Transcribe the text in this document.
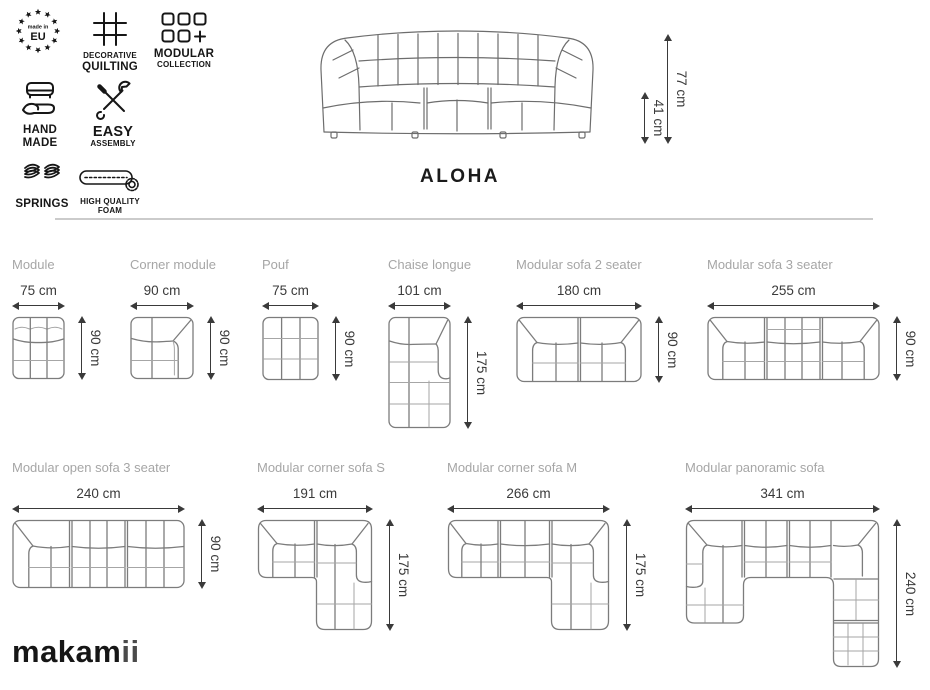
made in
EU
DECORATIVE
QUILTING
MODULAR
COLLECTION
HAND
MADE
EASY
ASSEMBLY
SPRINGS HIGH QUALITY
FOAM
41 cm
77 cm
ALOHA
Module
75 cm
90 cm
Corner module
90 cm
90 cm
Pouf
75 cm
90 cm
Chaise longue
101 cm
175 cm
Modular sofa 2 seater
180 cm
90 cm
Modular sofa 3 seater
255 cm
90 cm
Modular open sofa 3 seater
240 cm
90 cm
Modular corner sofa S
191 cm
175 cm
Modular corner sofa M
266 cm
175 cm
Modular panoramic sofa
341 cm
240 cm
makamii
